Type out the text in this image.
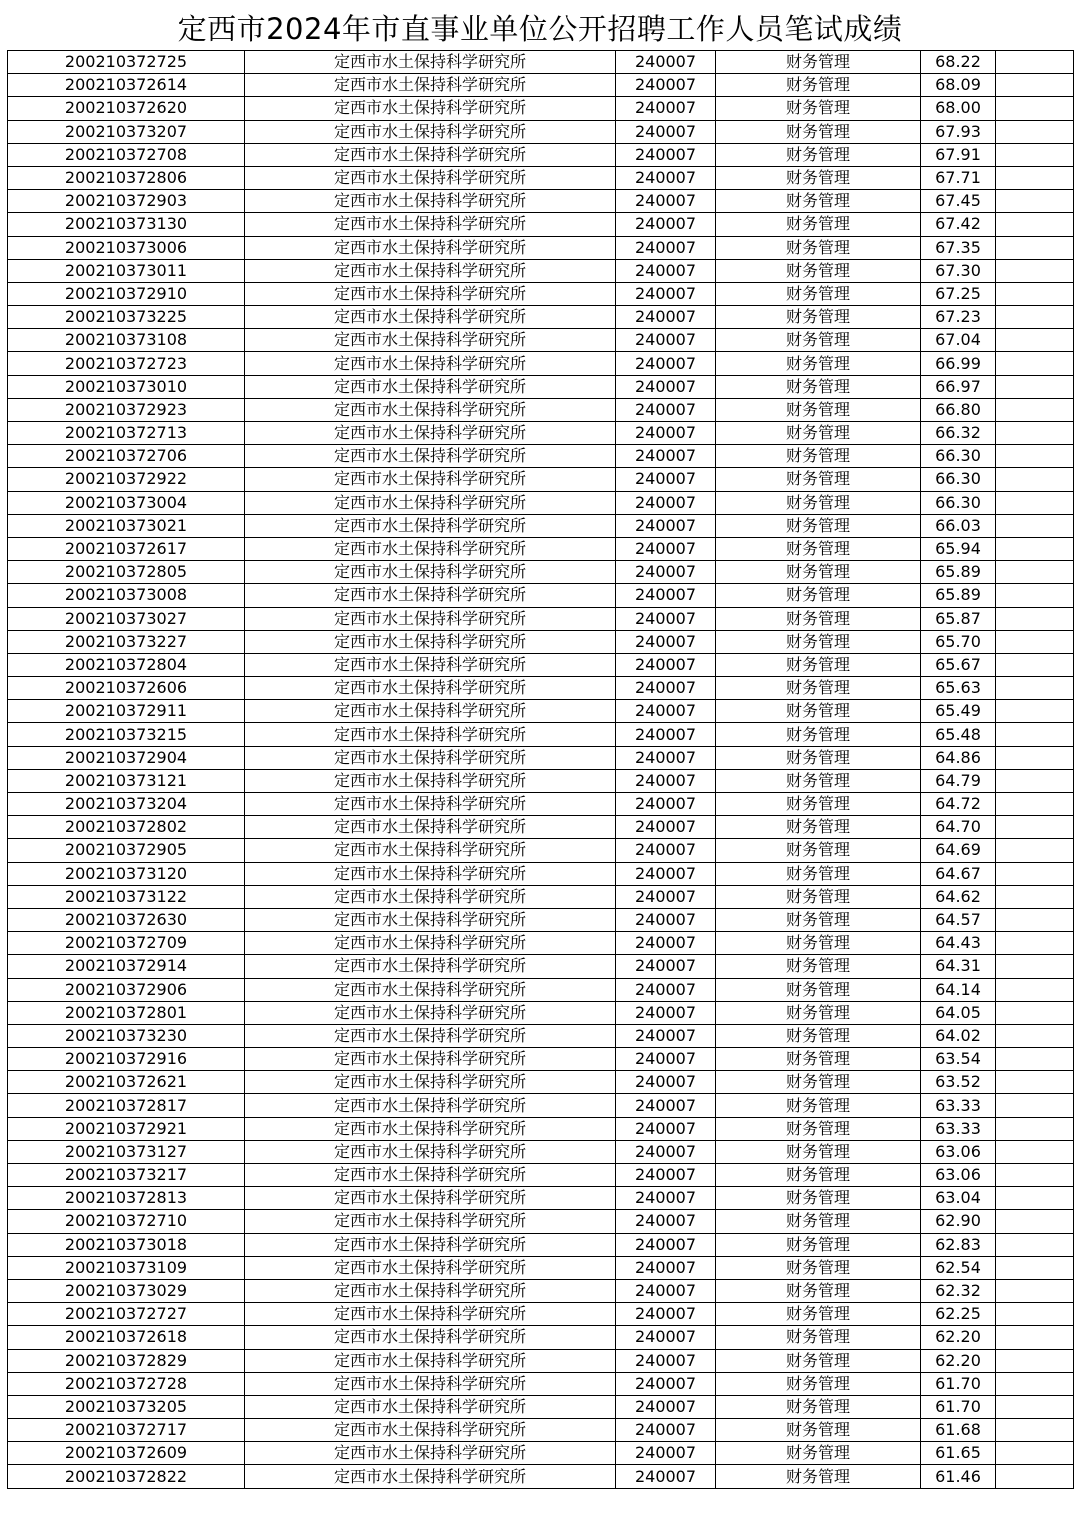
定西市2024年市直事业单位公开招聘工作人员笔试成绩
200210372725	定西市水土保持科学研究所	240007	财务管理	68.22	
200210372614	定西市水土保持科学研究所	240007	财务管理	68.09	
200210372620	定西市水土保持科学研究所	240007	财务管理	68.00	
200210373207	定西市水土保持科学研究所	240007	财务管理	67.93	
200210372708	定西市水土保持科学研究所	240007	财务管理	67.91	
200210372806	定西市水土保持科学研究所	240007	财务管理	67.71	
200210372903	定西市水土保持科学研究所	240007	财务管理	67.45	
200210373130	定西市水土保持科学研究所	240007	财务管理	67.42	
200210373006	定西市水土保持科学研究所	240007	财务管理	67.35	
200210373011	定西市水土保持科学研究所	240007	财务管理	67.30	
200210372910	定西市水土保持科学研究所	240007	财务管理	67.25	
200210373225	定西市水土保持科学研究所	240007	财务管理	67.23	
200210373108	定西市水土保持科学研究所	240007	财务管理	67.04	
200210372723	定西市水土保持科学研究所	240007	财务管理	66.99	
200210373010	定西市水土保持科学研究所	240007	财务管理	66.97	
200210372923	定西市水土保持科学研究所	240007	财务管理	66.80	
200210372713	定西市水土保持科学研究所	240007	财务管理	66.32	
200210372706	定西市水土保持科学研究所	240007	财务管理	66.30	
200210372922	定西市水土保持科学研究所	240007	财务管理	66.30	
200210373004	定西市水土保持科学研究所	240007	财务管理	66.30	
200210373021	定西市水土保持科学研究所	240007	财务管理	66.03	
200210372617	定西市水土保持科学研究所	240007	财务管理	65.94	
200210372805	定西市水土保持科学研究所	240007	财务管理	65.89	
200210373008	定西市水土保持科学研究所	240007	财务管理	65.89	
200210373027	定西市水土保持科学研究所	240007	财务管理	65.87	
200210373227	定西市水土保持科学研究所	240007	财务管理	65.70	
200210372804	定西市水土保持科学研究所	240007	财务管理	65.67	
200210372606	定西市水土保持科学研究所	240007	财务管理	65.63	
200210372911	定西市水土保持科学研究所	240007	财务管理	65.49	
200210373215	定西市水土保持科学研究所	240007	财务管理	65.48	
200210372904	定西市水土保持科学研究所	240007	财务管理	64.86	
200210373121	定西市水土保持科学研究所	240007	财务管理	64.79	
200210373204	定西市水土保持科学研究所	240007	财务管理	64.72	
200210372802	定西市水土保持科学研究所	240007	财务管理	64.70	
200210372905	定西市水土保持科学研究所	240007	财务管理	64.69	
200210373120	定西市水土保持科学研究所	240007	财务管理	64.67	
200210373122	定西市水土保持科学研究所	240007	财务管理	64.62	
200210372630	定西市水土保持科学研究所	240007	财务管理	64.57	
200210372709	定西市水土保持科学研究所	240007	财务管理	64.43	
200210372914	定西市水土保持科学研究所	240007	财务管理	64.31	
200210372906	定西市水土保持科学研究所	240007	财务管理	64.14	
200210372801	定西市水土保持科学研究所	240007	财务管理	64.05	
200210373230	定西市水土保持科学研究所	240007	财务管理	64.02	
200210372916	定西市水土保持科学研究所	240007	财务管理	63.54	
200210372621	定西市水土保持科学研究所	240007	财务管理	63.52	
200210372817	定西市水土保持科学研究所	240007	财务管理	63.33	
200210372921	定西市水土保持科学研究所	240007	财务管理	63.33	
200210373127	定西市水土保持科学研究所	240007	财务管理	63.06	
200210373217	定西市水土保持科学研究所	240007	财务管理	63.06	
200210372813	定西市水土保持科学研究所	240007	财务管理	63.04	
200210372710	定西市水土保持科学研究所	240007	财务管理	62.90	
200210373018	定西市水土保持科学研究所	240007	财务管理	62.83	
200210373109	定西市水土保持科学研究所	240007	财务管理	62.54	
200210373029	定西市水土保持科学研究所	240007	财务管理	62.32	
200210372727	定西市水土保持科学研究所	240007	财务管理	62.25	
200210372618	定西市水土保持科学研究所	240007	财务管理	62.20	
200210372829	定西市水土保持科学研究所	240007	财务管理	62.20	
200210372728	定西市水土保持科学研究所	240007	财务管理	61.70	
200210373205	定西市水土保持科学研究所	240007	财务管理	61.70	
200210372717	定西市水土保持科学研究所	240007	财务管理	61.68	
200210372609	定西市水土保持科学研究所	240007	财务管理	61.65	
200210372822	定西市水土保持科学研究所	240007	财务管理	61.46	
